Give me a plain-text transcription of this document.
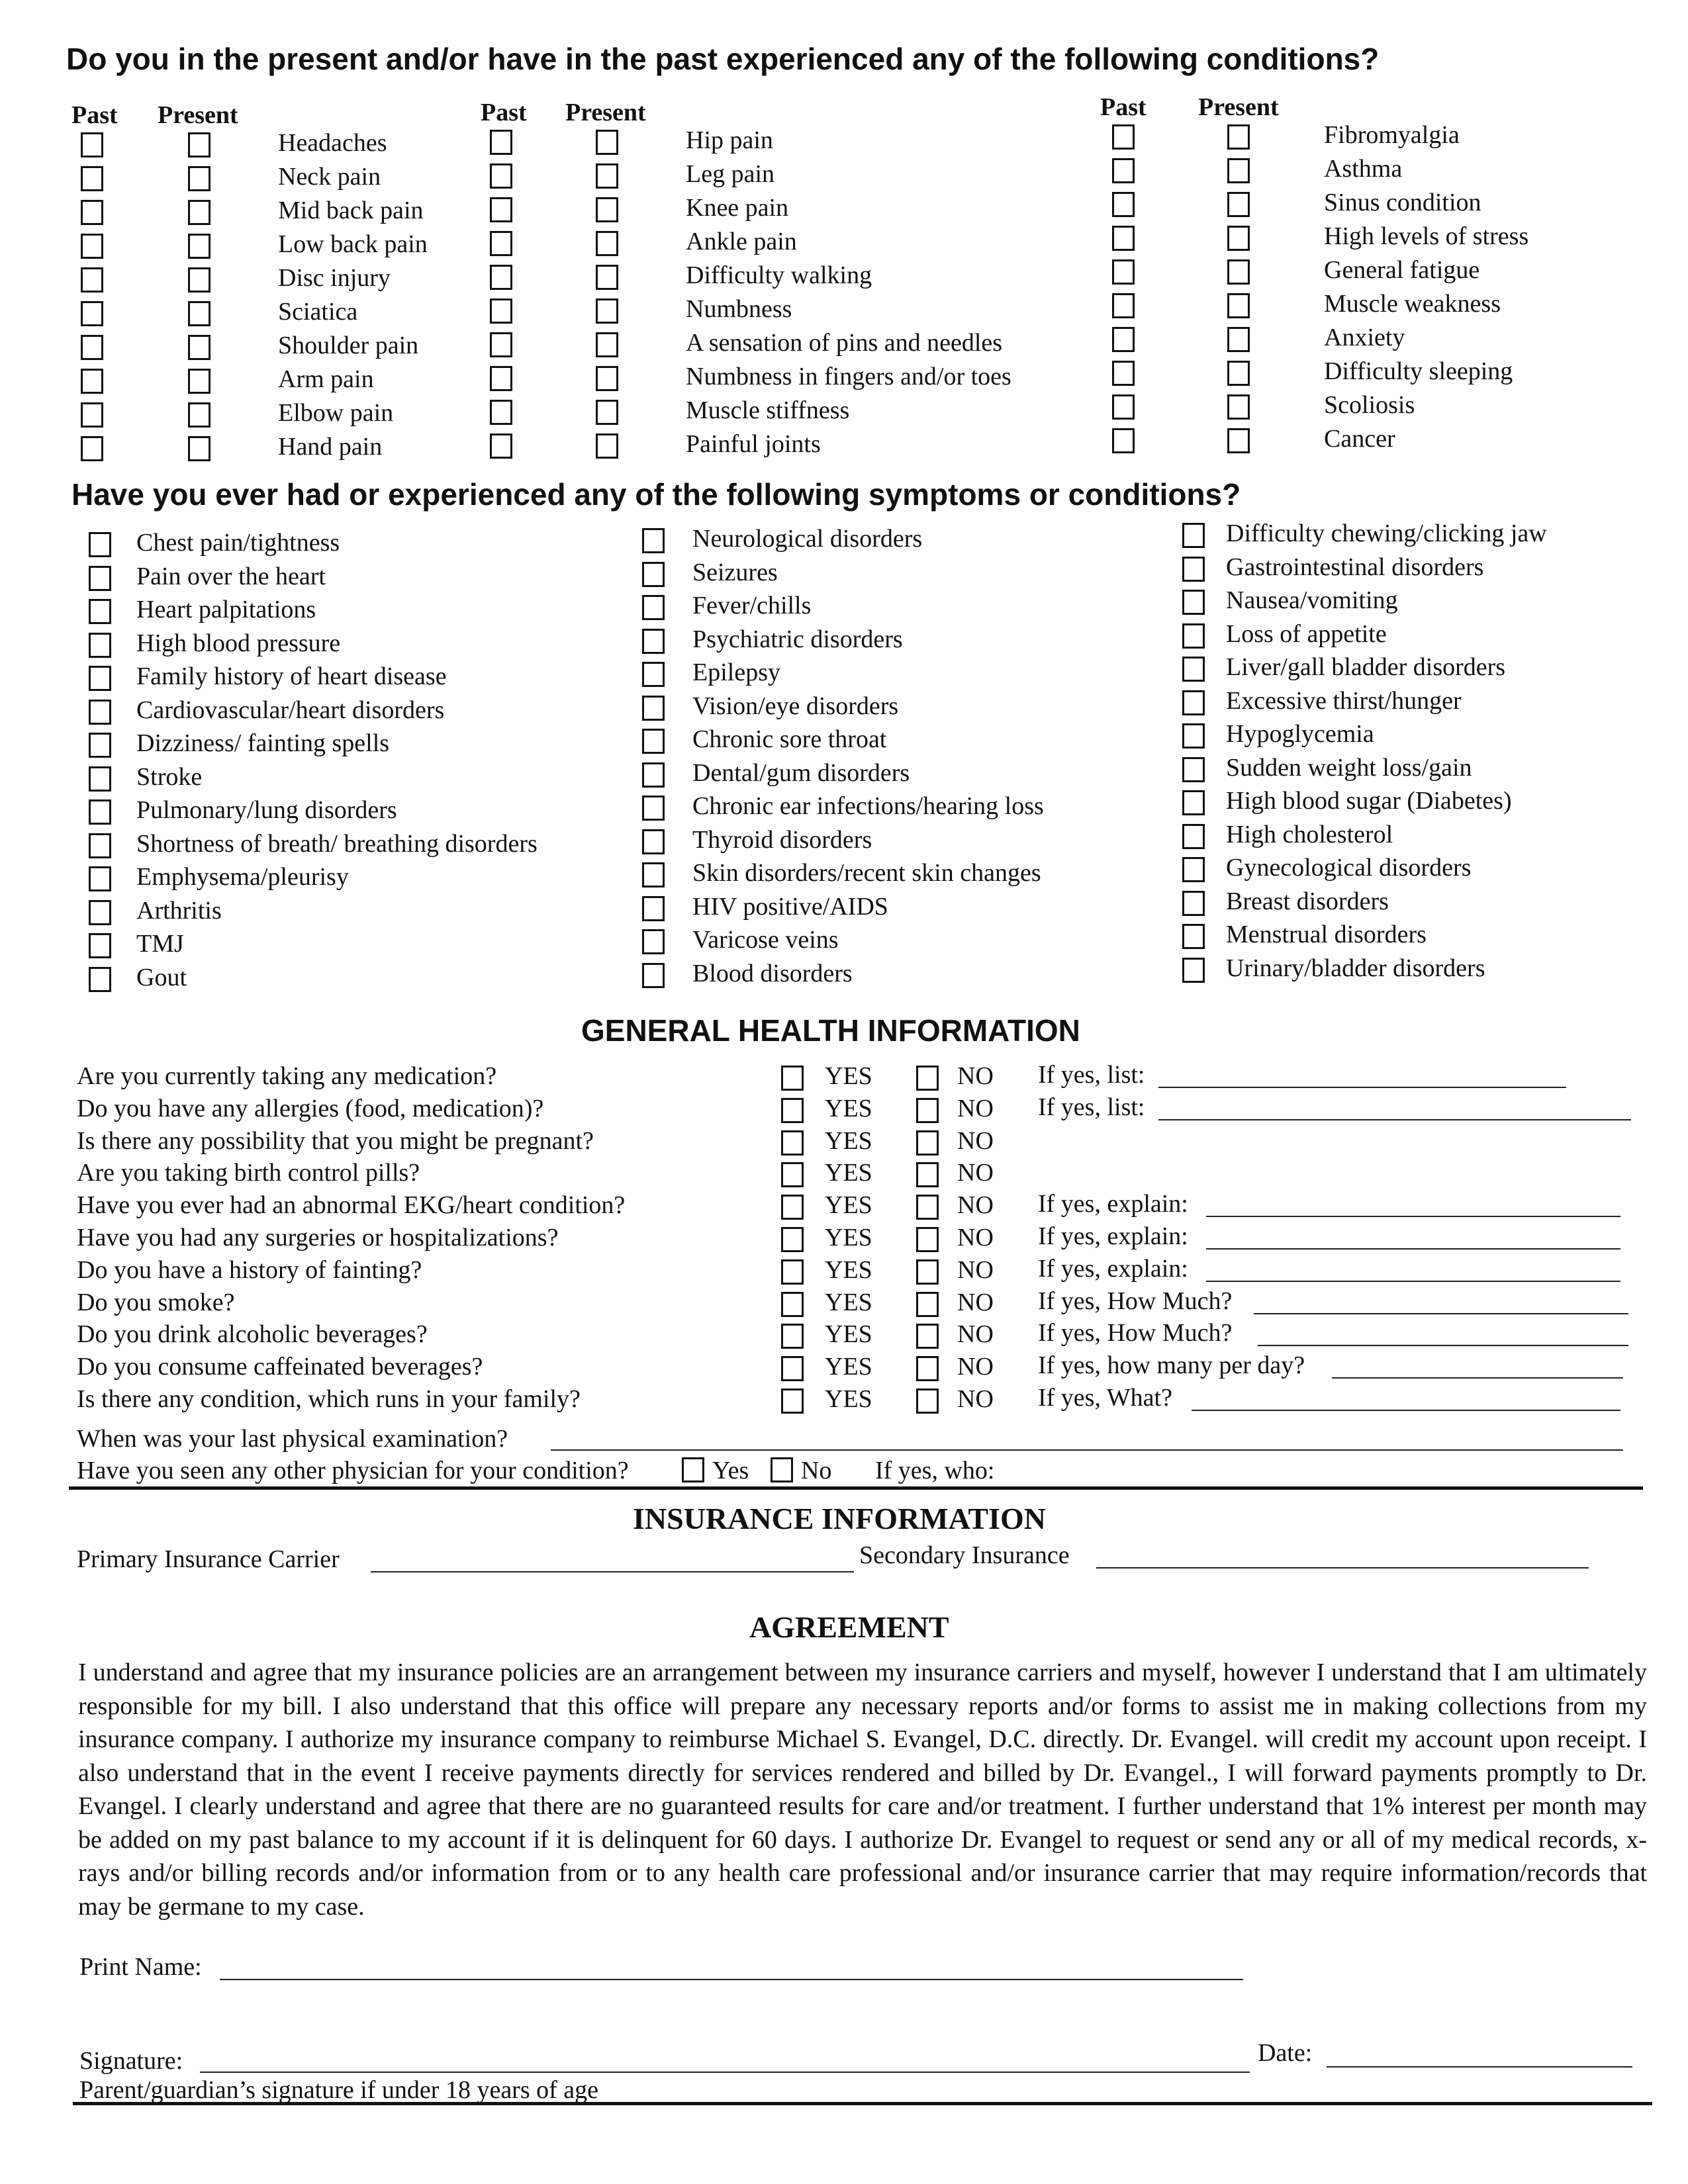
Do you in the present and/or have in the past experienced any of the following conditions?
Past Present	Past Present	Past Present
Headaches
Neck pain
Mid back pain
Low back pain
Disc injury
Sciatica
Shoulder pain
Arm pain
Elbow pain
Hand pain
Hip pain
Leg pain
Knee pain
Ankle pain
Difficulty walking
Numbness
A sensation of pins and needles
Numbness in fingers and/or toes
Muscle stiffness
Painful joints
Fibromyalgia
Asthma
Sinus condition
High levels of stress
General fatigue
Muscle weakness
Anxiety
Difficulty sleeping
Scoliosis
Cancer
Have you ever had or experienced any of the following symptoms or conditions?
Chest pain/tightness
Pain over the heart
Heart palpitations
High blood pressure
Family history of heart disease
Cardiovascular/heart disorders
Dizziness/ fainting spells
Stroke
Pulmonary/lung disorders
Shortness of breath/ breathing disorders
Emphysema/pleurisy
Arthritis
TMJ
Gout
Neurological disorders
Seizures
Fever/chills
Psychiatric disorders
Epilepsy
Vision/eye disorders
Chronic sore throat
Dental/gum disorders
Chronic ear infections/hearing loss
Thyroid disorders
Skin disorders/recent skin changes
HIV positive/AIDS
Varicose veins
Blood disorders
Difficulty chewing/clicking jaw
Gastrointestinal disorders
Nausea/vomiting
Loss of appetite
Liver/gall bladder disorders
Excessive thirst/hunger
Hypoglycemia
Sudden weight loss/gain
High blood sugar (Diabetes)
High cholesterol
Gynecological disorders
Breast disorders
Menstrual disorders
Urinary/bladder disorders
GENERAL HEALTH INFORMATION
Are you currently taking any medication?	YES	NO If yes, list:
Do you have any allergies (food, medication)?	YES	NO If yes, list:
Is there any possibility that you might be pregnant?	YES	NO
Are you taking birth control pills?	YES	NO
Have you ever had an abnormal EKG/heart condition?	YES	NO If yes, explain:
Have you had any surgeries or hospitalizations?	YES	NO If yes, explain:
Do you have a history of fainting?	YES	NO If yes, explain:
Do you smoke?	YES	NO If yes, How Much?
Do you drink alcoholic beverages?	YES	NO If yes, How Much?
Do you consume caffeinated beverages?	YES	NO If yes, how many per day?
Is there any condition, which runs in your family?	YES	NO If yes, What?
When was your last physical examination?
Have you seen any other physician for your condition?	Yes No If yes, who:
INSURANCE INFORMATION
Primary Insurance Carrier	Secondary Insurance
AGREEMENT
I understand and agree that my insurance policies are an arrangement between my insurance carriers and myself, however I understand that I am ultimately responsible for my bill. I also understand that this office will prepare any necessary reports and/or forms to assist me in making collections from my insurance company. I authorize my insurance company to reimburse Michael S. Evangel, D.C. directly. Dr. Evangel. will credit my account upon receipt. I also understand that in the event I receive payments directly for services rendered and billed by Dr. Evangel., I will forward payments promptly to Dr. Evangel. I clearly understand and agree that there are no guaranteed results for care and/or treatment. I further understand that 1% interest per month may be added on my past balance to my account if it is delinquent for 60 days. I authorize Dr. Evangel to request or send any or all of my medical records, x-rays and/or billing records and/or information from or to any health care professional and/or insurance carrier that may require information/records that may be germane to my case.
Print Name:
Signature:	Date:
Parent/guardian’s signature if under 18 years of age
